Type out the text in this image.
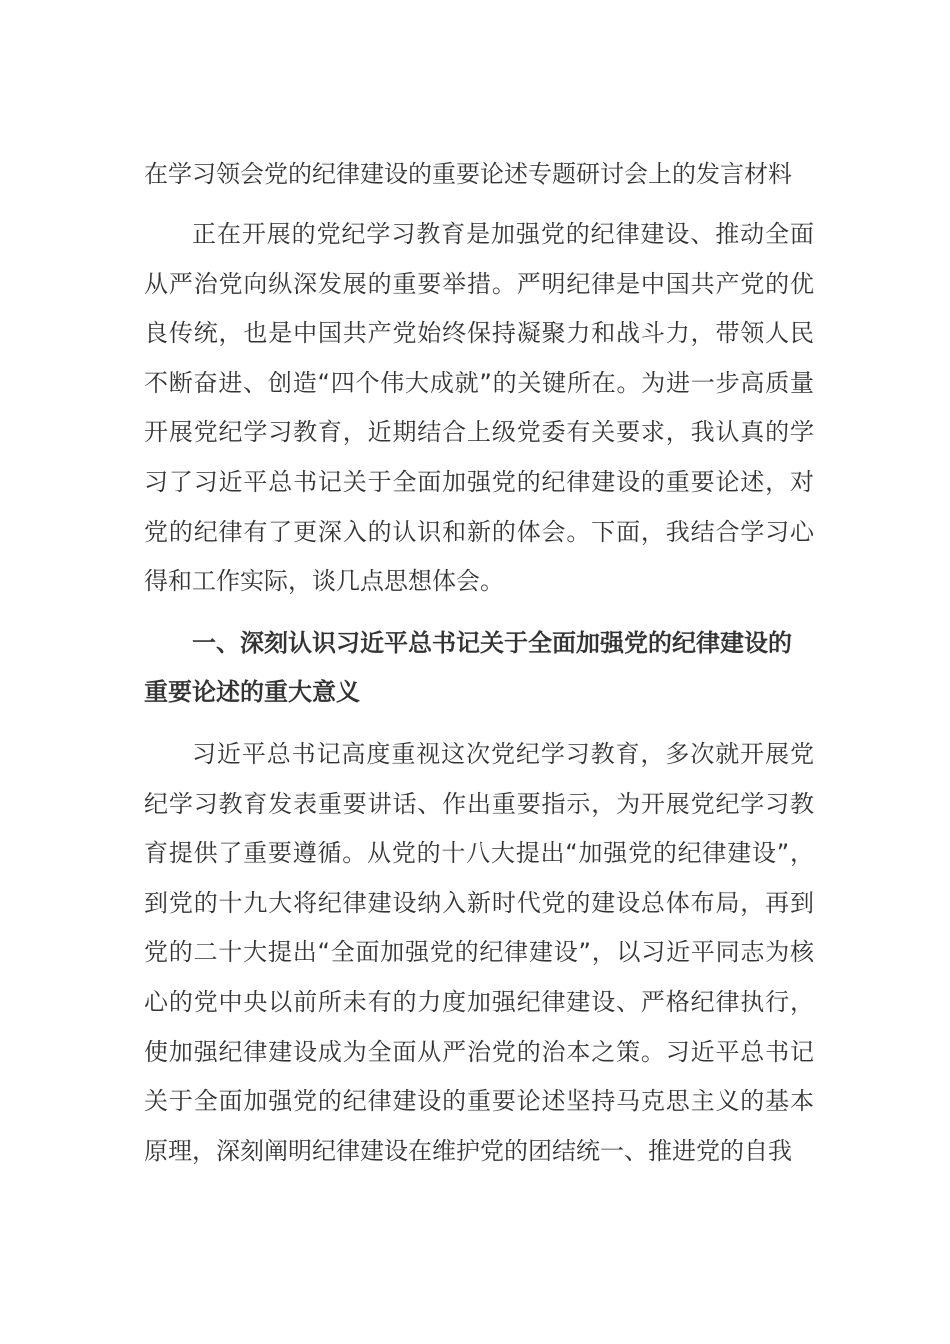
在学习领会党的纪律建设的重要论述专题研讨会上的发言材料

正在开展的党纪学习教育是加强党的纪律建设、推动全面从严治党向纵深发展的重要举措。严明纪律是中国共产党的优良传统，也是中国共产党始终保持凝聚力和战斗力，带领人民不断奋进、创造“四个伟大成就”的关键所在。为进一步高质量开展党纪学习教育，近期结合上级党委有关要求，我认真的学习了习近平总书记关于全面加强党的纪律建设的重要论述，对党的纪律有了更深入的认识和新的体会。下面，我结合学习心得和工作实际，谈几点思想体会。

一、深刻认识习近平总书记关于全面加强党的纪律建设的重要论述的重大意义

习近平总书记高度重视这次党纪学习教育，多次就开展党纪学习教育发表重要讲话、作出重要指示，为开展党纪学习教育提供了重要遵循。从党的十八大提出“加强党的纪律建设”，到党的十九大将纪律建设纳入新时代党的建设总体布局，再到党的二十大提出“全面加强党的纪律建设”，以习近平同志为核心的党中央以前所未有的力度加强纪律建设、严格纪律执行，使加强纪律建设成为全面从严治党的治本之策。习近平总书记关于全面加强党的纪律建设的重要论述坚持马克思主义的基本原理，深刻阐明纪律建设在维护党的团结统一、推进党的自我
